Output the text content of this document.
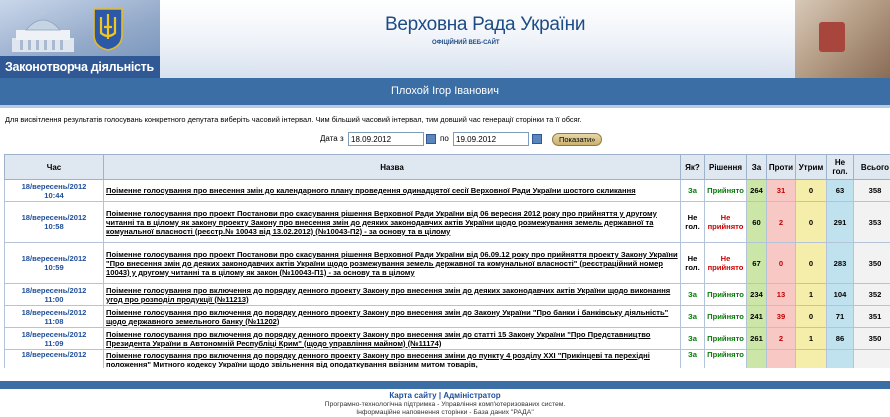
Законотворча діяльність
Верховна Рада України
ОФІЦІЙНИЙ ВЕБ-САЙТ
Плохой Ігор Іванович
Для висвітлення результатів голосувань конкретного депутата виберіть часовий інтервал. Чим більший часовий інтервал, тим довший час генерації сторінки та її обсяг.
Дата з
18.09.2012	по
19.09.2012	Показати»
Час	Назва	Як?	Рішення	За	Проти	Утрим	Не гол.	Всього
18/вересень/2012
10:44	Поіменне голосування про внесення змін до календарного плану проведення одинадцятої сесії Верховної Ради України шостого скликання	За	Прийнято	264	31	0	63	358
18/вересень/2012
10:58	Поіменне голосування про проект Постанови про скасування рішення Верховної Ради України від 06 вересня 2012 року про прийняття у другому читанні та в цілому як закону проекту Закону про внесення змін до деяких законодавчих актів України щодо розмежування земель державної та комунальної власності (реєстр.№ 10043 від 13.02.2012) (№10043-П2) - за основу та в цілому	Не гол.	Не прийнято	60	2	0	291	353
18/вересень/2012
10:59	Поіменне голосування про проект Постанови про скасування рішення Верховної Ради України від 06.09.12 року про прийняття проекту Закону України "Про внесення змін до деяких законодавчих актів України щодо розмежування земель державної та комунальної власності" (реєстраційний номер 10043) у другому читанні та в цілому як закон (№10043-П1) - за основу та в цілому	Не гол.	Не прийнято	67	0	0	283	350
18/вересень/2012
11:00	Поіменне голосування про включення до порядку денного проекту Закону про внесення змін до деяких законодавчих актів України щодо виконання угод про розподіл продукції (№11213)	За	Прийнято	234	13	1	104	352
18/вересень/2012
11:08	Поіменне голосування про включення до порядку денного проекту Закону про внесення змін до Закону України "Про банки і банківську діяльність" щодо державного земельного банку (№11202)	За	Прийнято	241	39	0	71	351
18/вересень/2012
11:09	Поіменне голосування про включення до порядку денного проекту Закону про внесення змін до статті 15 Закону України "Про Представництво Президента України в Автономній Республіці Крим" (щодо управління майном) (№11174)	За	Прийнято	261	2	1	86	350
18/вересень/2012	Поіменне голосування про включення до порядку денного проекту Закону про внесення зміни до пункту 4 розділу XXI "Прикінцеві та перехідні положення" Митного кодексу України щодо звільнення від оподаткування ввізним митом товарів,	За	Прийнято					
Карта сайту | Адміністратор
Програмно-технологічна підтримка - Управління комп'ютеризованих систем.
Інформаційне наповнення сторінки - База даних "РАДА"
